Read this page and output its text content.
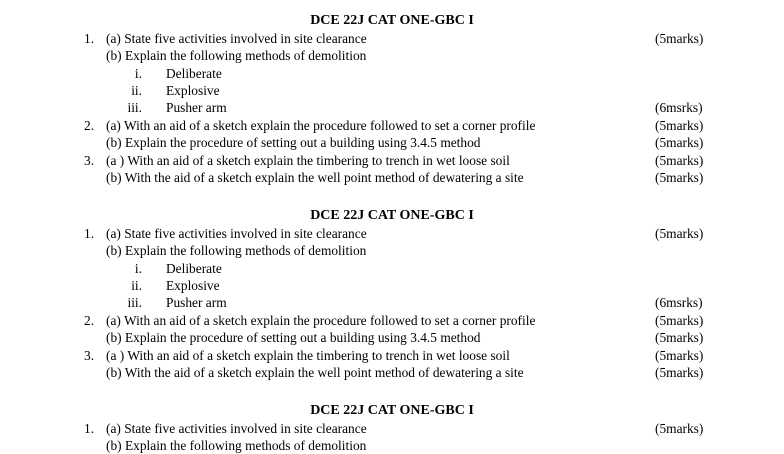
DCE 22J CAT ONE-GBC I
1. (a) State five activities involved in site clearance	(5marks)
(b) Explain the following methods of demolition
i. Deliberate
ii. Explosive
iii. Pusher arm	(6msrks)
2. (a) With an aid of a sketch explain the procedure followed to set a corner profile	(5marks)
(b) Explain the procedure of setting out a building using 3.4.5 method	(5marks)
3. (a ) With an aid of a sketch explain the timbering to trench in wet loose soil	(5marks)
(b) With the aid of a sketch explain the well point method of dewatering a site	(5marks)
DCE 22J CAT ONE-GBC I
1. (a) State five activities involved in site clearance	(5marks)
(b) Explain the following methods of demolition
i. Deliberate
ii. Explosive
iii. Pusher arm	(6msrks)
2. (a) With an aid of a sketch explain the procedure followed to set a corner profile	(5marks)
(b) Explain the procedure of setting out a building using 3.4.5 method	(5marks)
3. (a ) With an aid of a sketch explain the timbering to trench in wet loose soil	(5marks)
(b) With the aid of a sketch explain the well point method of dewatering a site	(5marks)
DCE 22J CAT ONE-GBC I
1. (a) State five activities involved in site clearance	(5marks)
(b) Explain the following methods of demolition
